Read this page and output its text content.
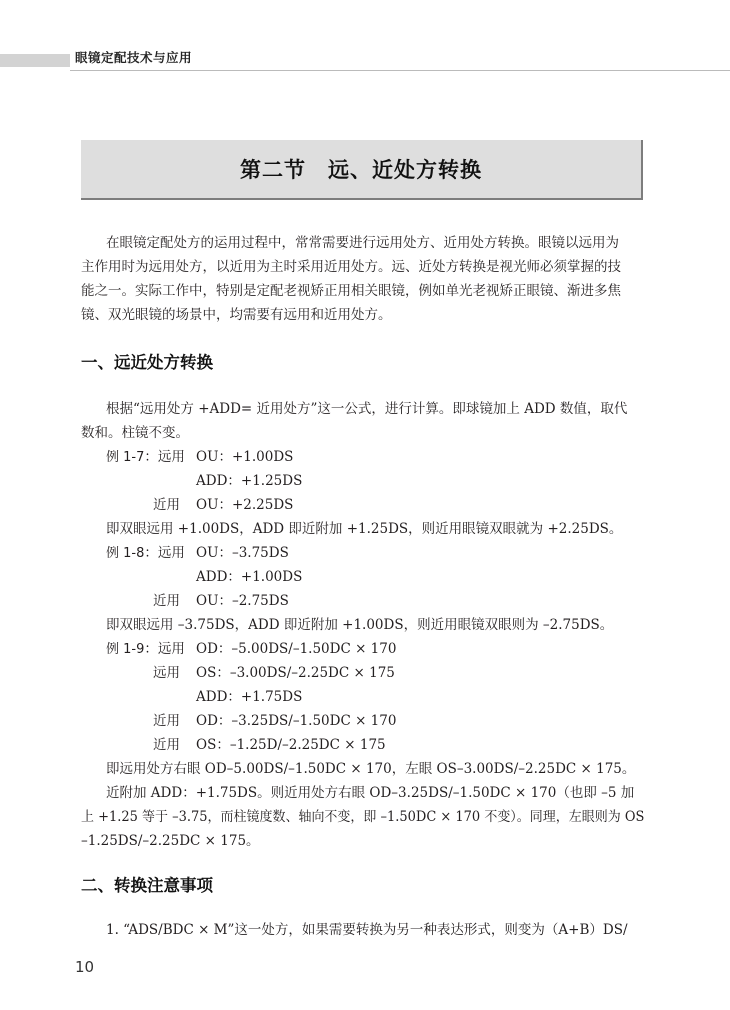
眼镜定配技术与应用
第二节　远、近处方转换
在眼镜定配处方的运用过程中，常常需要进行远用处方、近用处方转换。眼镜以远用为
主作用时为远用处方，以近用为主时采用近用处方。远、近处方转换是视光师必须掌握的技
能之一。实际工作中，特别是定配老视矫正用相关眼镜，例如单光老视矫正眼镜、渐进多焦
镜、双光眼镜的场景中，均需要有远用和近用处方。
一、远近处方转换
根据“远用处方 +ADD= 近用处方”这一公式，进行计算。即球镜加上 ADD 数值，取代
数和。柱镜不变。
例 1-7：远用 OU：+1.00DS
ADD：+1.25DS
近用 OU：+2.25DS
即双眼远用 +1.00DS，ADD 即近附加 +1.25DS，则近用眼镜双眼就为 +2.25DS。
例 1-8：远用 OU：–3.75DS
ADD：+1.00DS
近用 OU：–2.75DS
即双眼远用 –3.75DS，ADD 即近附加 +1.00DS，则近用眼镜双眼则为 –2.75DS。
例 1-9：远用 OD：–5.00DS/–1.50DC × 170
远用 OS：–3.00DS/–2.25DC × 175
ADD：+1.75DS
近用 OD：–3.25DS/–1.50DC × 170
近用 OS：–1.25D/–2.25DC × 175
即远用处方右眼 OD–5.00DS/–1.50DC × 170，左眼 OS–3.00DS/–2.25DC × 175。
近附加 ADD：+1.75DS。则近用处方右眼 OD–3.25DS/–1.50DC × 170（也即 –5 加
上 +1.25 等于 –3.75，而柱镜度数、轴向不变，即 –1.50DC × 170 不变）。同理，左眼则为 OS
–1.25DS/–2.25DC × 175。
二、转换注意事项
1. “ADS/BDC × M”这一处方，如果需要转换为另一种表达形式，则变为（A+B）DS/
10
